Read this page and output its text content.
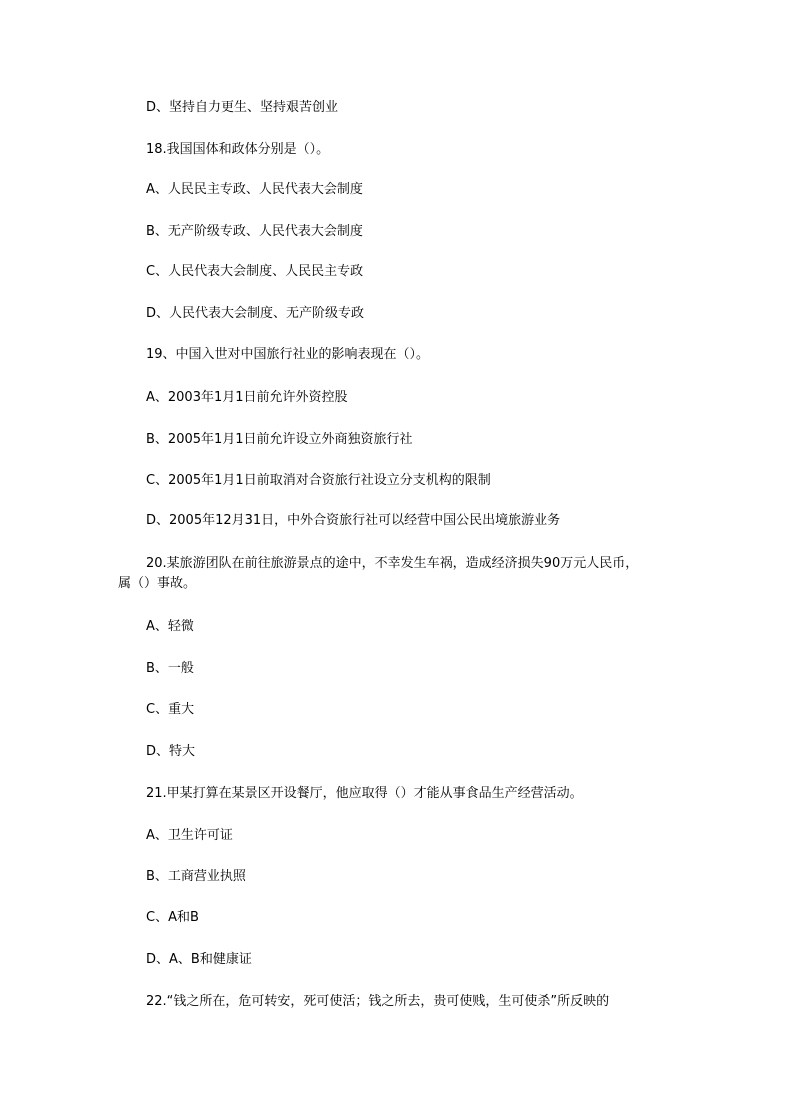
D、坚持自力更生、坚持艰苦创业
18.我国国体和政体分别是（）。
A、人民民主专政、人民代表大会制度
B、无产阶级专政、人民代表大会制度
C、人民代表大会制度、人民民主专政
D、人民代表大会制度、无产阶级专政
19、中国入世对中国旅行社业的影响表现在（）。
A、2003年1月1日前允许外资控股
B、2005年1月1日前允许设立外商独资旅行社
C、2005年1月1日前取消对合资旅行社设立分支机构的限制
D、2005年12月31日，中外合资旅行社可以经营中国公民出境旅游业务
20.某旅游团队在前往旅游景点的途中，不幸发生车祸，造成经济损失90万元人民币，
属（）事故。
A、轻微
B、一般
C、重大
D、特大
21.甲某打算在某景区开设餐厅，他应取得（）才能从事食品生产经营活动。
A、卫生许可证
B、工商营业执照
C、A和B
D、A、B和健康证
22.“钱之所在，危可转安，死可使活；钱之所去，贵可使贱，生可使杀”所反映的
